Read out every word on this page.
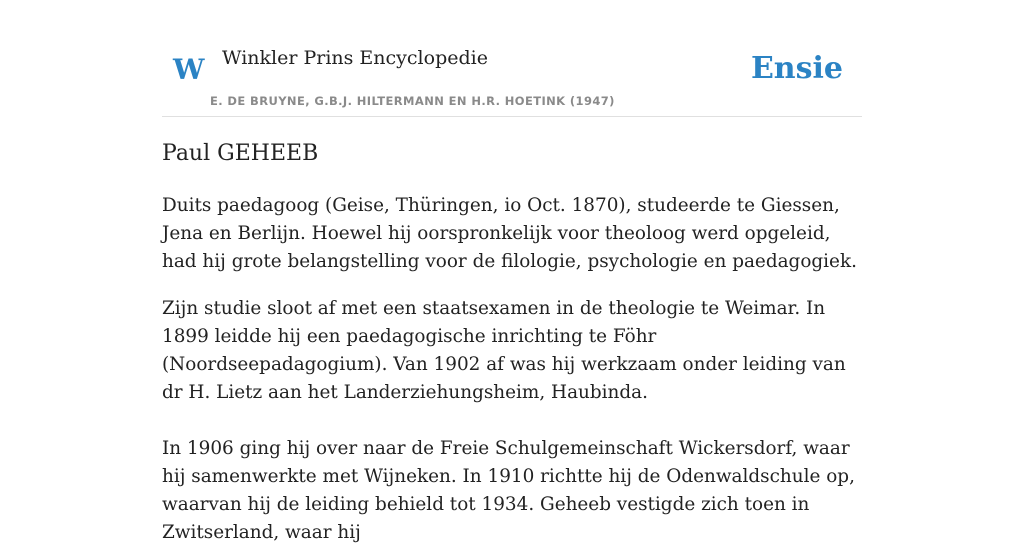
W Winkler Prins Encyclopedie
E. DE BRUYNE, G.B.J. HILTERMANN EN H.R. HOETINK (1947)
Ensie
Paul GEHEEB

Duits paedagoog (Geise, Thüringen, io Oct. 1870), studeerde te Giessen, Jena en Berlijn. Hoewel hij oorspronkelijk voor theoloog werd opgeleid, had hij grote belangstelling voor de filologie, psychologie en paedagogiek.

Zijn studie sloot af met een staatsexamen in de theologie te Weimar. In 1899 leidde hij een paedagogische inrichting te Föhr (Noordseepadagogium). Van 1902 af was hij werkzaam onder leiding van dr H. Lietz aan het Landerziehungsheim, Haubinda.

In 1906 ging hij over naar de Freie Schulgemeinschaft Wickersdorf, waar hij samenwerkte met Wijneken. In 1910 richtte hij de Odenwaldschule op, waarvan hij de leiding behield tot 1934. Geheeb vestigde zich toen in Zwitserland, waar hij
